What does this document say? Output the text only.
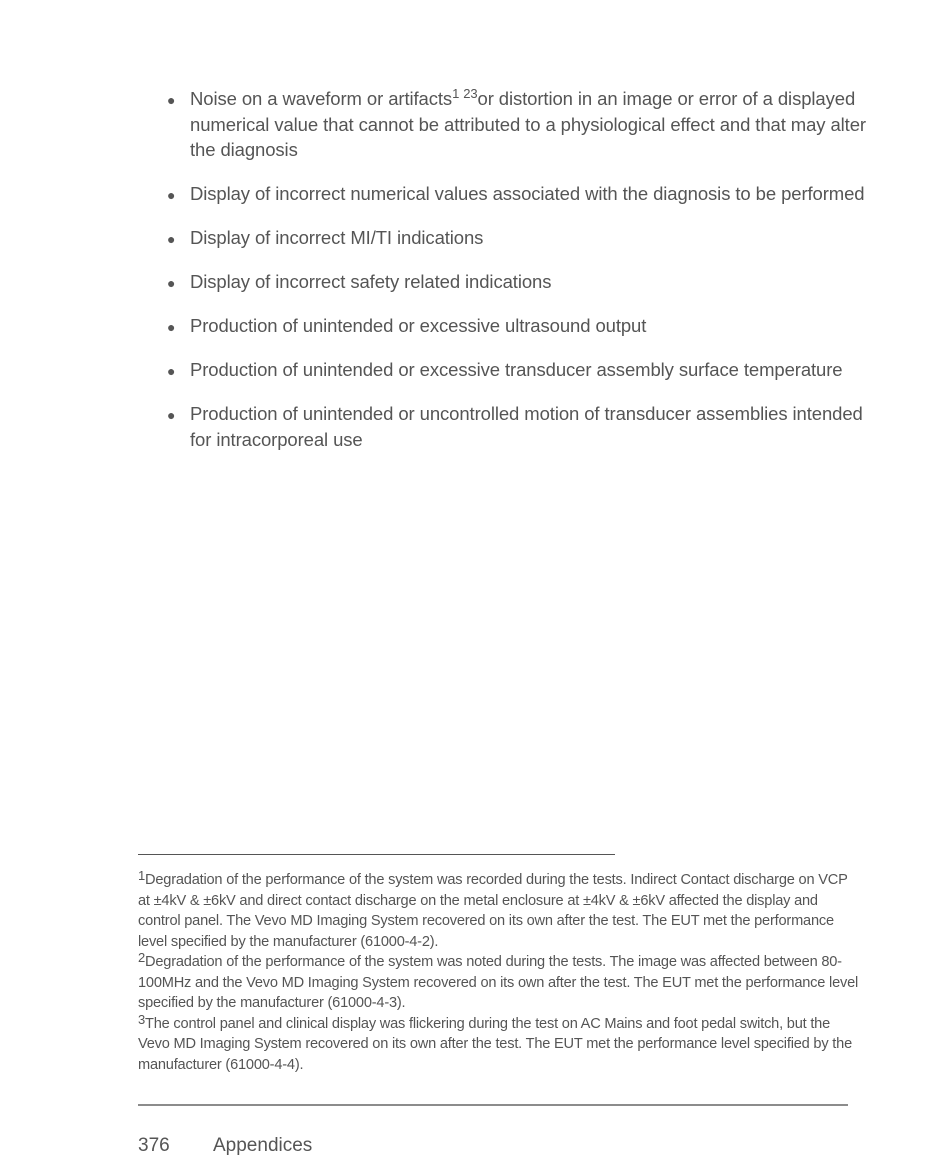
● Noise on a waveform or artifacts$^1$ $^{23}$or distortion in an image or error of a displayed numerical value that cannot be attributed to a physiological effect and that may alter the diagnosis
● Display of incorrect numerical values associated with the diagnosis to be performed
● Display of incorrect MI/TI indications
● Display of incorrect safety related indications
● Production of unintended or excessive ultrasound output
● Production of unintended or excessive transducer assembly surface temperature
● Production of unintended or uncontrolled motion of transducer assemblies intended for intracorporeal use

$^1$Degradation of the performance of the system was recorded during the tests. Indirect Contact discharge on VCP at ±4kV & ±6kV and direct contact discharge on the metal enclosure at ±4kV & ±6kV affected the display and control panel. The Vevo MD Imaging System recovered on its own after the test. The EUT met the performance level specified by the manufacturer (61000-4-2).

$^2$Degradation of the performance of the system was noted during the tests. The image was affected between 80-100MHz and the Vevo MD Imaging System recovered on its own after the test. The EUT met the performance level specified by the manufacturer (61000-4-3).

$^3$The control panel and clinical display was flickering during the test on AC Mains and foot pedal switch, but the Vevo MD Imaging System recovered on its own after the test. The EUT met the performance level specified by the manufacturer (61000-4-4).

376 Appendices
